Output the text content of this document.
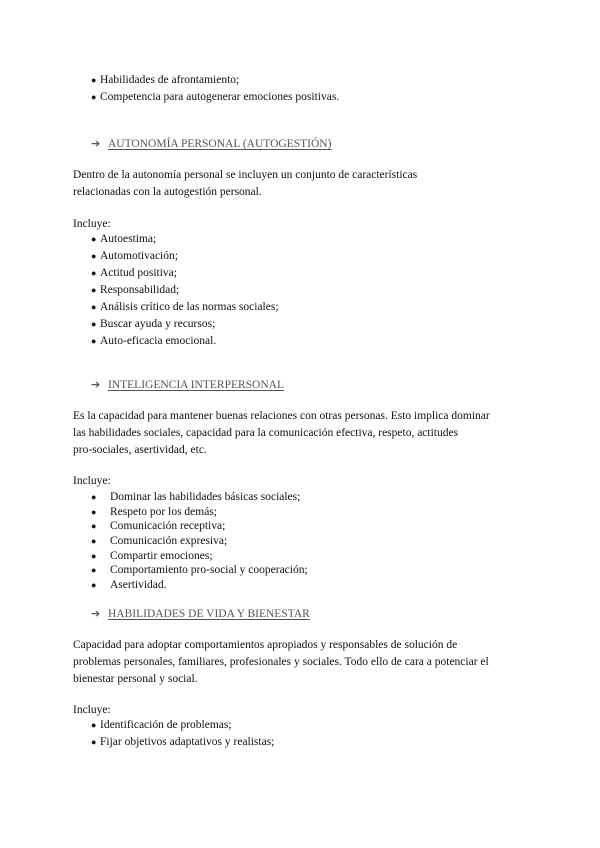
● Habilidades de afrontamiento;
● Competencia para autogenerar emociones positivas.
➔ AUTONOMÍA PERSONAL (AUTOGESTIÓN)

Dentro de la autonomía personal se incluyen un conjunto de características
relacionadas con la autogestión personal.

Incluye:

● Autoestima;
● Automotivación;
● Actitud positiva;
● Responsabilidad;
● Análisis crítico de las normas sociales;
● Buscar ayuda y recursos;
● Auto-eficacia emocional.
➔ INTELIGENCIA INTERPERSONAL

Es la capacidad para mantener buenas relaciones con otras personas. Esto implica dominar
las habilidades sociales, capacidad para la comunicación efectiva, respeto, actitudes
pro-sociales, asertividad, etc.

Incluye:

● Dominar las habilidades básicas sociales;
● Respeto por los demás;
● Comunicación receptiva;
● Comunicación expresiva;
● Compartir emociones;
● Comportamiento pro-social y cooperación;
● Asertividad.
➔ HABILIDADES DE VIDA Y BIENESTAR

Capacidad para adoptar comportamientos apropiados y responsables de solución de
problemas personales, familiares, profesionales y sociales. Todo ello de cara a potenciar el
bienestar personal y social.

Incluye:

● Identificación de problemas;
● Fijar objetivos adaptativos y realistas;
